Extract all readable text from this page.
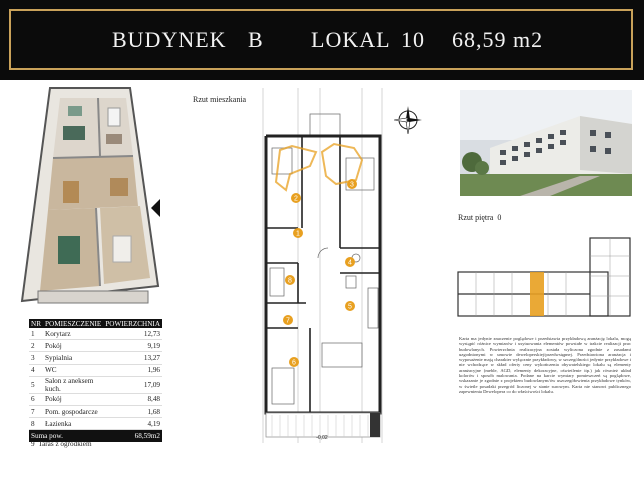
BUDYNEK B LOKAL 10 68,59 m2
NR	POMIESZCZENIE	POWIERZCHNIA
1	Korytarz	12,73
2	Pokój	9,19
3	Sypialnia	13,27
4	WC	1,96
5	Salon z aneksem kuch.	17,09
6	Pokój	8,48
7	Pom. gospodarcze	1,68
8	Łazienka	4,19
Suma pow.		68,59m2
9 Taras z ogródkiem
Rzut mieszkania
1
2
3
4
5
6
7
8
-0,02
Rzut piętra 0
Karta ma jedynie znaczenie poglądowe i przedstawia przykładową aranżację lokalu, mogą wystąpić różnice wymiarów i usytuowania elementów powstałe w trakcie realizacji prac budowlanych. Powierzchnia realizacyjna została wyliczona zgodnie z zasadami uzgodnionymi w umowie deweloperskiej/przedwstępnej. Przedstawiona aranżacja i wyposażenie mają charakter wyłącznie przykładowy, w szczególności jedynie przykładowe i nie wchodzące w skład oferty ceny wykończenia obywatelskiego lokalu są elementy aranżacyjne (meble, AGD, elementy dekoracyjne, oświetlenie itp.) jak również układ kolorów i sposób malowania. Podane na karcie wymiary pomieszczeń są poglądowe, wskazanie je zgodnie z projektem budowlanym/ów uszczegółowienia przykładowe tynków, w świetle posadzki przegród liczonej w stanie surowym. Karta nie stanowi publicznego zapewnienia Dewelopera co do właściwości lokalu.
